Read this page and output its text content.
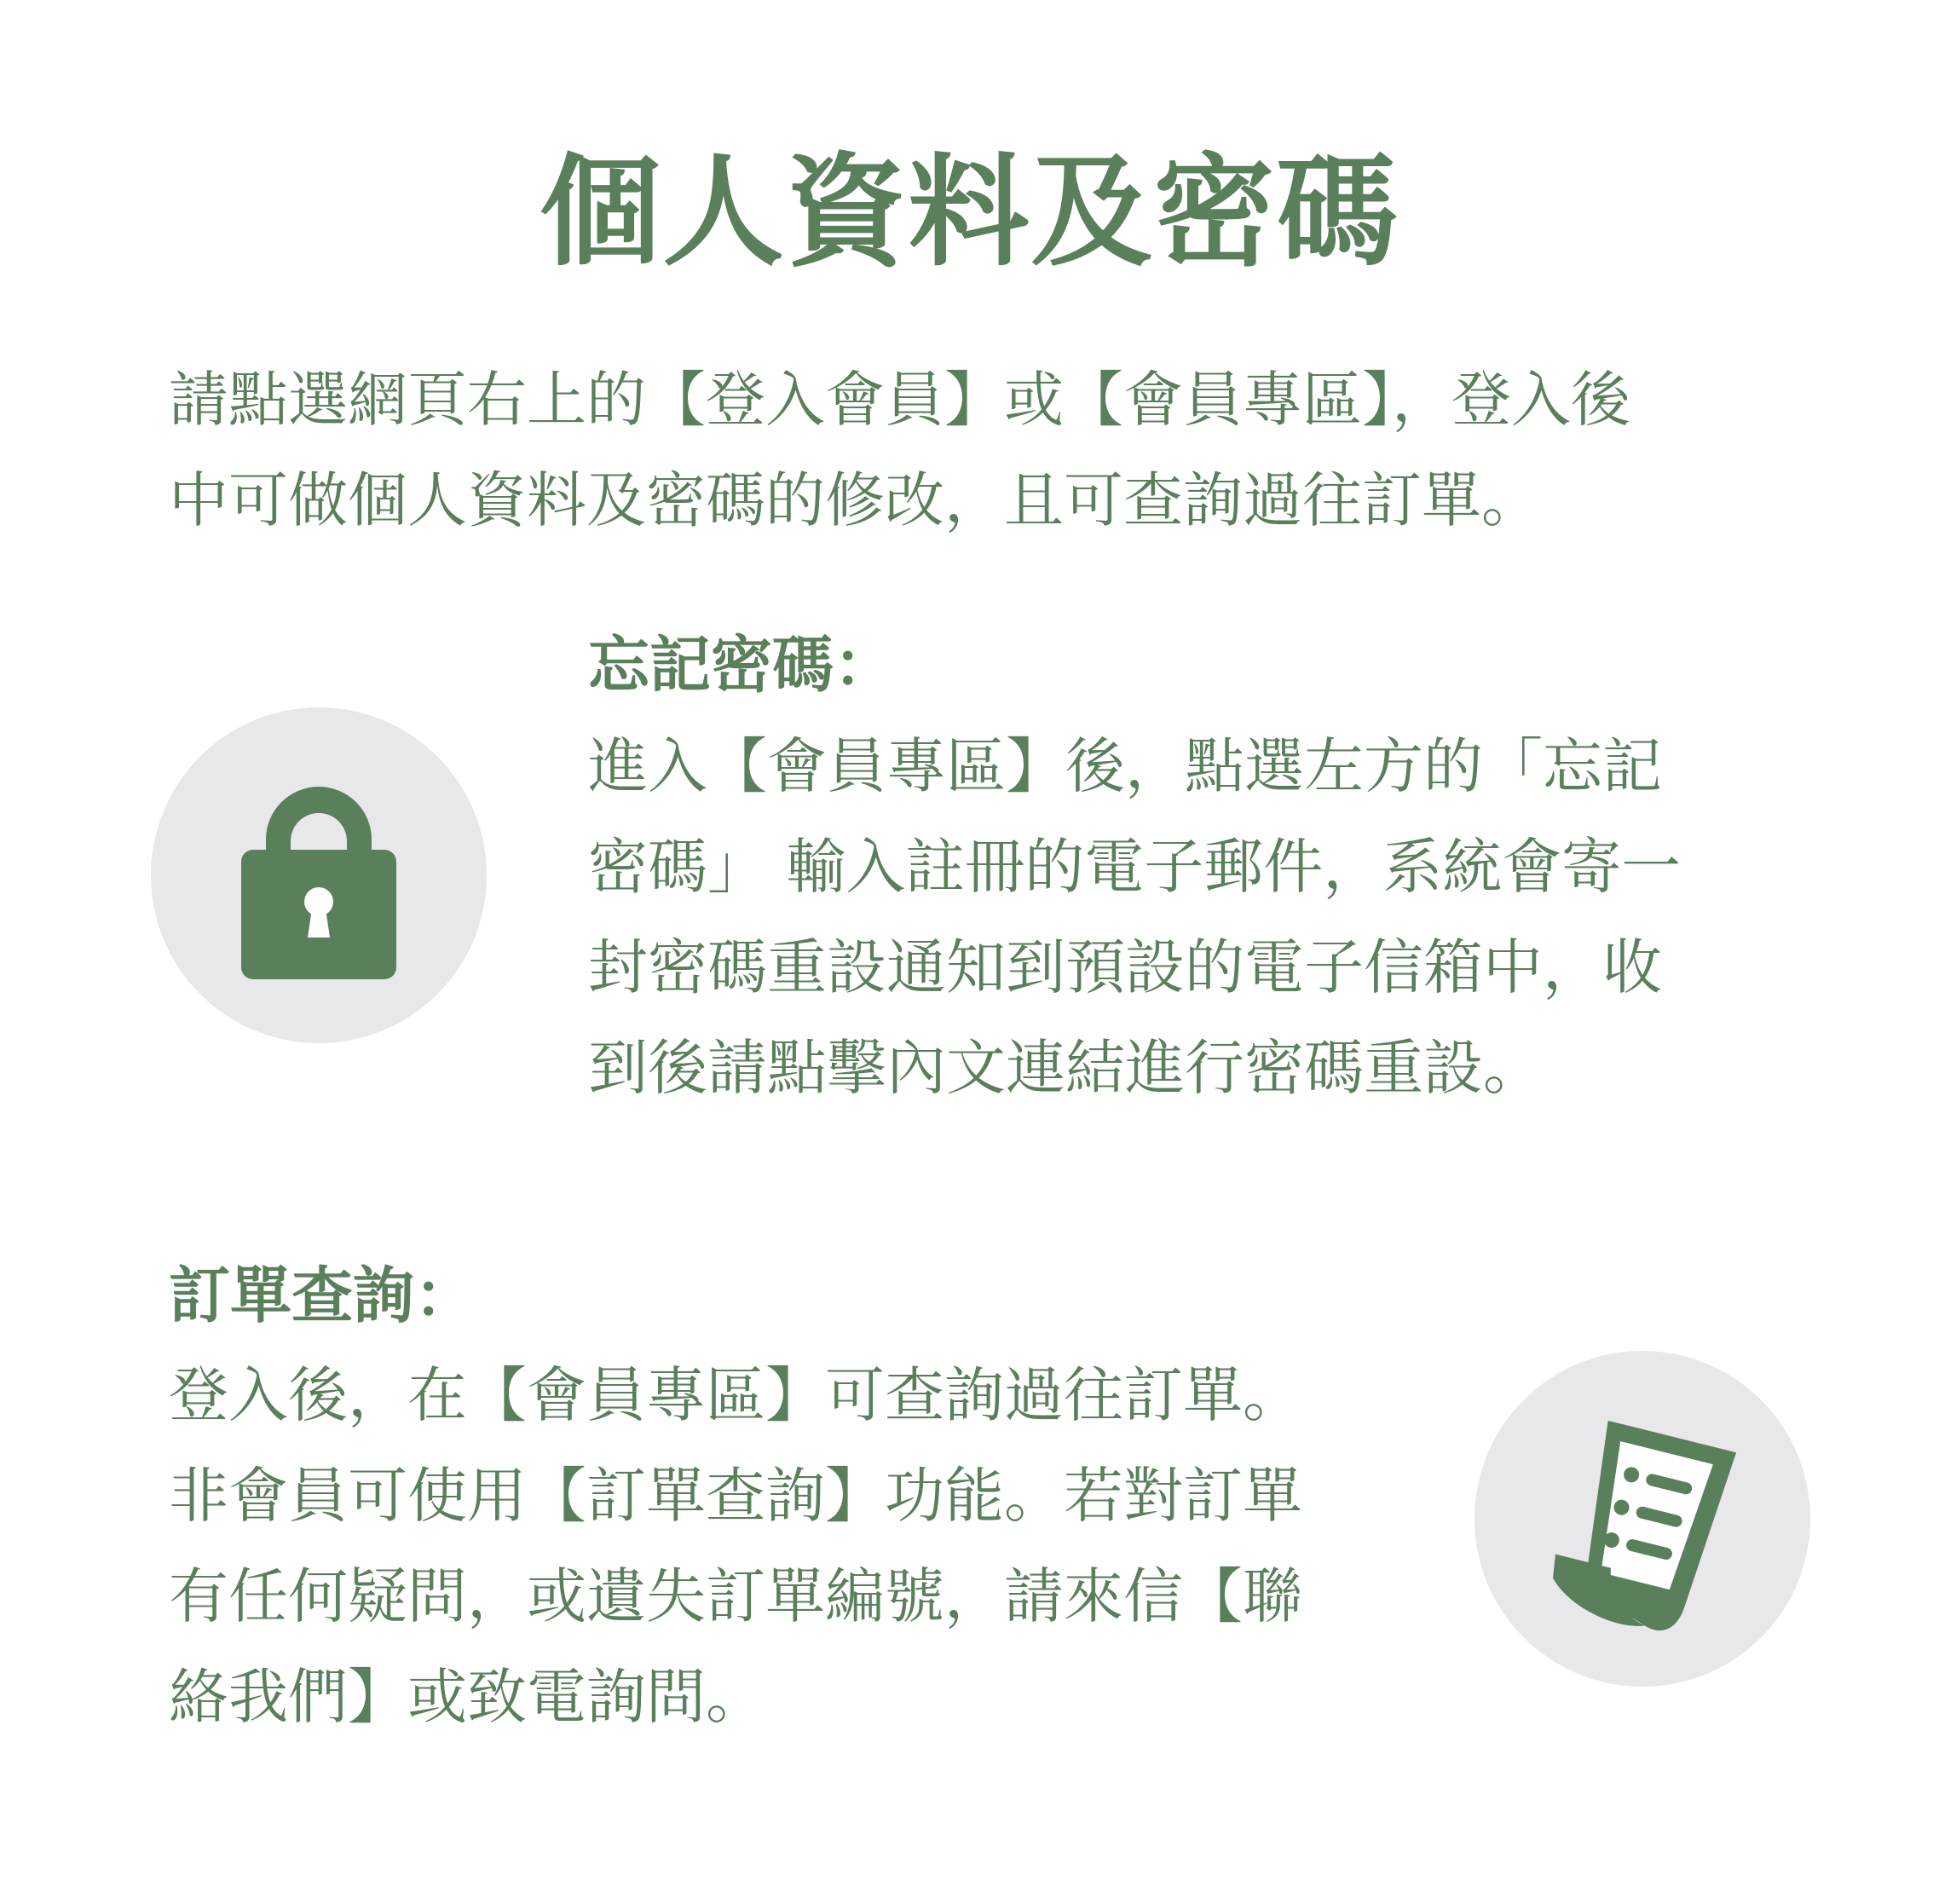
個人資料及密碼

請點選網頁右上的【登入會員】或【會員專區】，登入後
中可做個人資料及密碼的修改，且可查詢過往訂單。

忘記密碼：

進入【會員專區】後，點選左方的「忘記
密碼」 輸入註冊的電子郵件，系統會寄一
封密碼重設通知到預設的電子信箱中，收
到後請點擊內文連結進行密碼重設。

訂單查詢：

登入後，在【會員專區】可查詢過往訂單。
非會員可使用【訂單查詢】功能。若對訂單
有任何疑問，或遺失訂單編號，請來信【聯
絡我們】或致電詢問。
